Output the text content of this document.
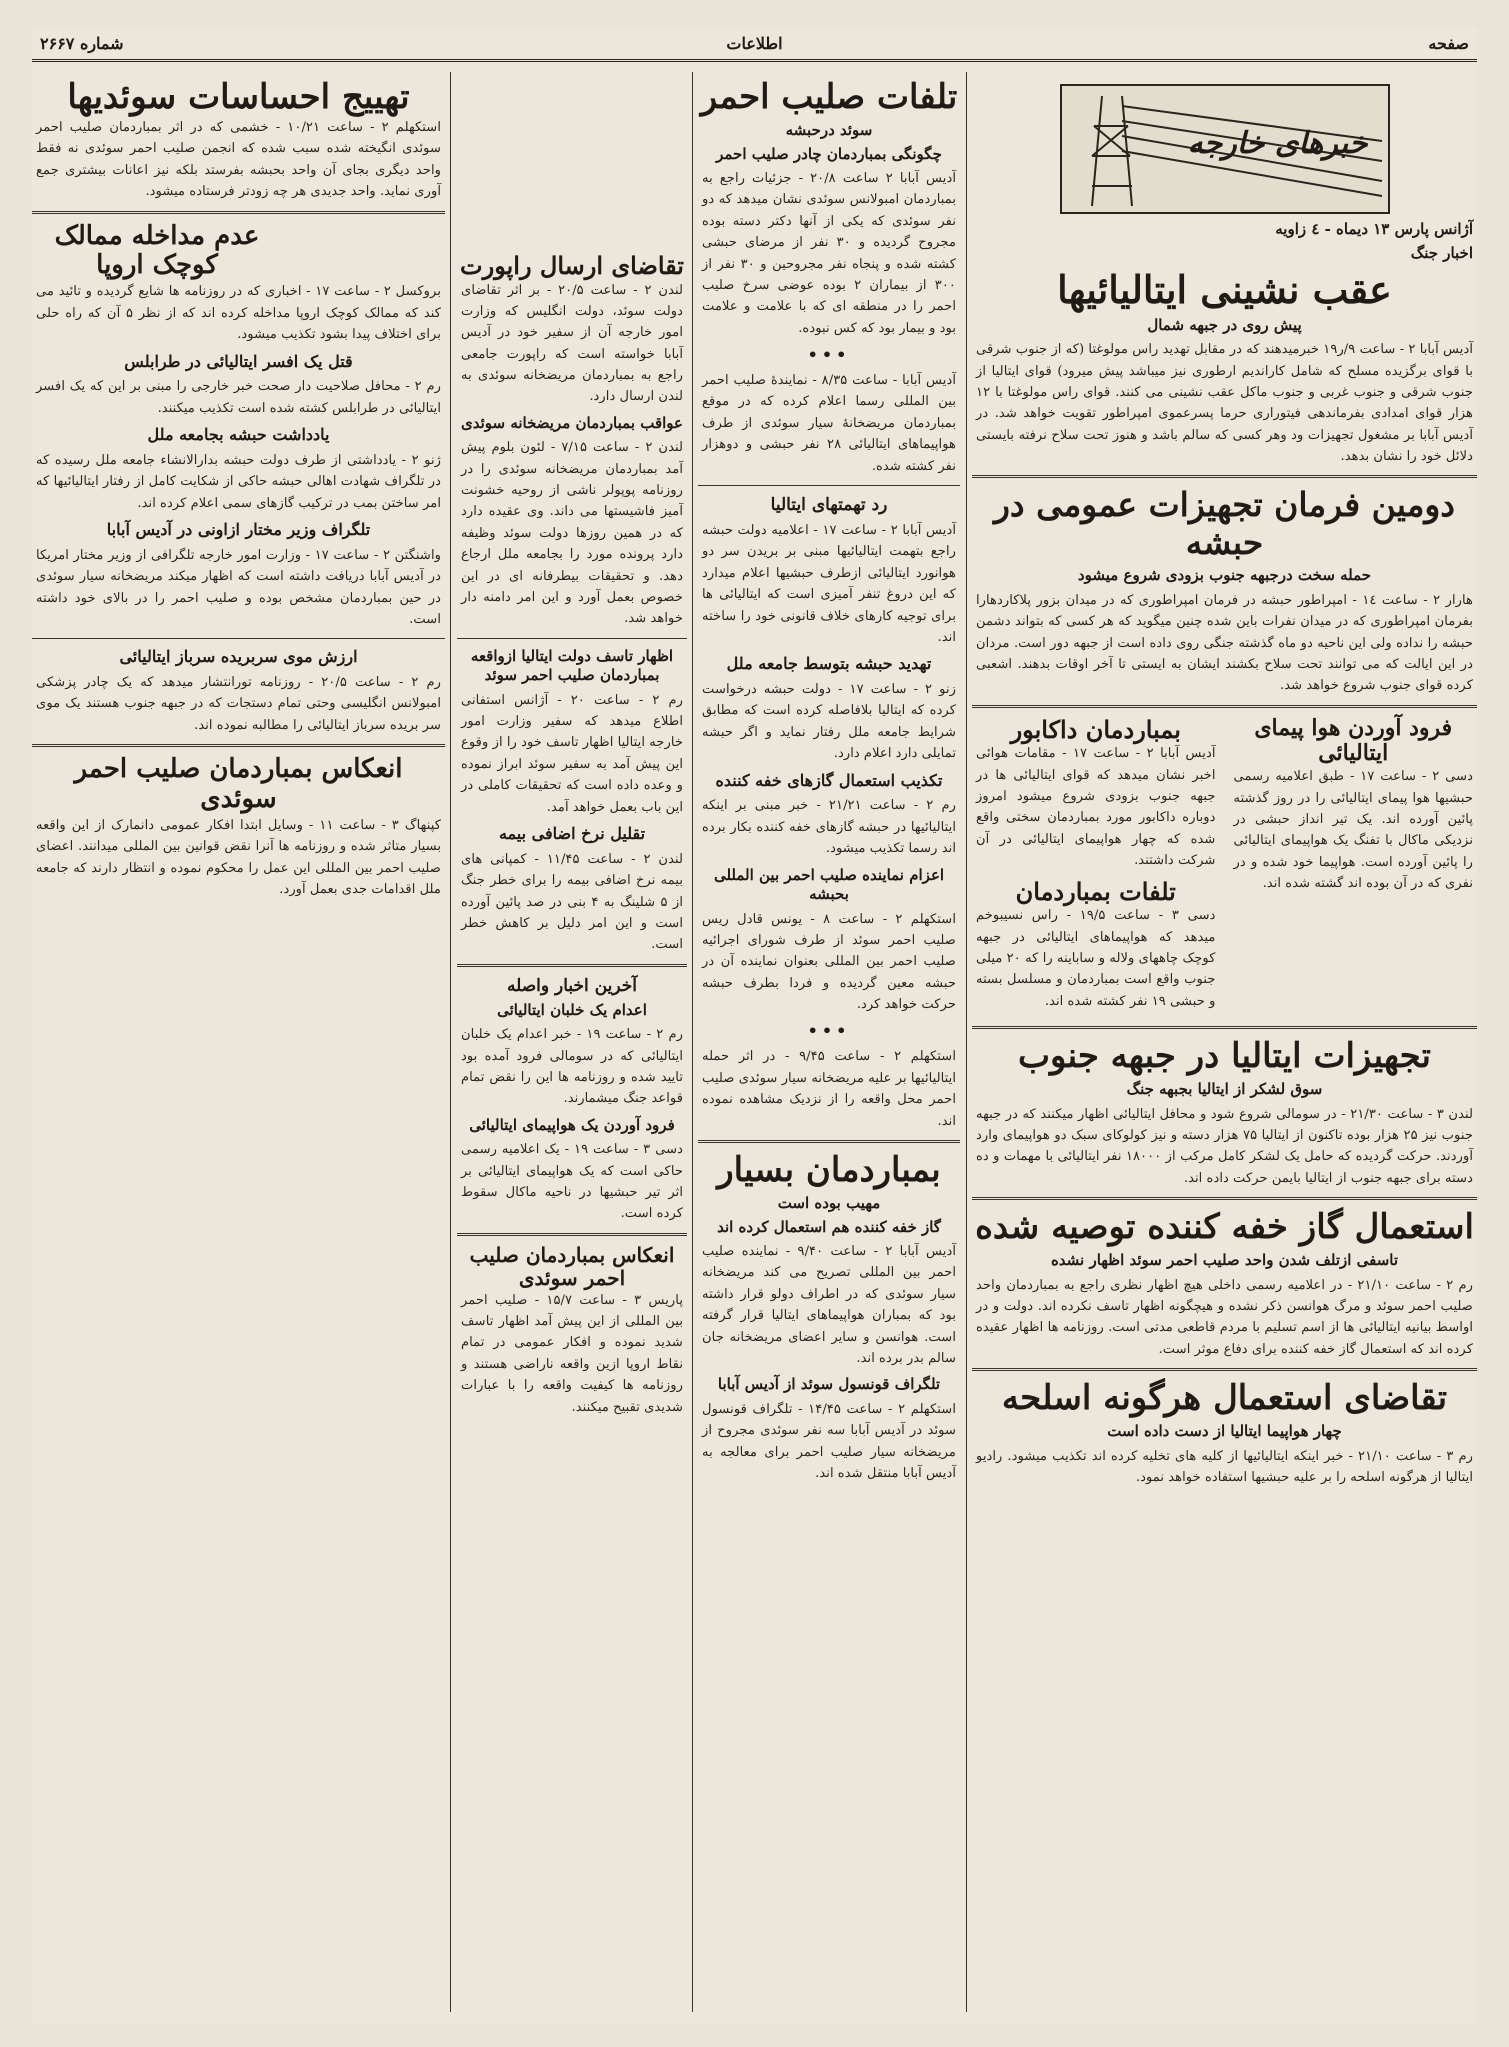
صفحه
اطلاعات
شماره ۲۶۶۷
خبرهای خارجه
آژانس پارس ۱۳ دیماه - ٤ زاویه
اخبار جنگ
عقب نشینی ایتالیائیها
پیش روی در جبهه شمال

آدیس آبابا ۲ - ساعت ۹/ر۱۹ خبرمیدهند که در مقابل تهدید راس مولوغتا (که از جنوب شرقی با قوای برگزیده مسلح که شامل کاراندیم ارطوری نیز میباشد پیش میرود) قوای ایتالیا از جنوب شرقی و جنوب غربی و جنوب ماکل عقب نشینی می کنند. قوای راس مولوغتا با ۱۲ هزار قوای امدادی بفرماندهی فیتوراری حرما پسرعموی امپراطور تقویت خواهد شد. در آدیس آبابا بر مشغول تجهیزات ود وهر کسی که سالم باشد و هنوز تحت سلاح نرفته بایستی دلائل خود را نشان بدهد.

دومین فرمان تجهیزات عمومی در حبشه
حمله سخت درجبهه جنوب بزودی شروع میشود

هارار ۲ - ساعت ۱٤ - امپراطور حبشه در فرمان امپراطوری که در میدان بزور پلاکاردهارا بفرمان امپراطوری که در میدان نفرات باین شده چنین میگوید که هر کسی که بتواند دشمن حبشه را نداده ولی این ناحیه دو ماه گذشته جنگی روی داده است از جبهه دور است. مردان در این ایالت که می توانند تحت سلاح بکشند ایشان به ایستی تا آخر اوقات بدهند. اشعبی کرده قوای جنوب شروع خواهد شد.

فرود آوردن هوا پیمای ایتالیائی

دسی ۲ - ساعت ۱۷ - طبق اعلامیه رسمی حبشیها هوا پیمای ایتالیائی را در روز گذشته پائین آورده اند. یک تیر انداز حبشی در نزدیکی ماکال با تفنگ یک هواپیمای ایتالیائی را پائین آورده است. هواپیما خود شده و در نفری که در آن بوده اند گشته شده اند.

بمباردمان داکابور

آدیس آبابا ۲ - ساعت ۱۷ - مقامات هوائی اخبر نشان میدهد که قوای ایتالیائی ها در جبهه جنوب بزودی شروع میشود امروز دوباره داکابور مورد بمباردمان سختی واقع شده که چهار هواپیمای ایتالیائی در آن شرکت داشتند.

تلفات بمباردمان

دسی ۳ - ساعت ۱۹/۵ - راس نسیبوخم میدهد که هواپیماهای ایتالیائی در جبهه کوچک چاههای ولاله و ساباینه را که ۲۰ میلی جنوب واقع است بمباردمان و مسلسل بسته و حبشی ۱۹ نفر کشته شده اند.

تجهیزات ایتالیا در جبهه جنوب
سوق لشکر از ایتالیا بجبهه جنگ

لندن ۳ - ساعت ۲۱/۳۰ - در سومالی شروع شود و محافل ایتالیائی اظهار میکنند که در جبهه جنوب نیز ۲۵ هزار بوده تاکنون از ایتالیا ۷۵ هزار دسته و نیز کولوکای سبک دو هواپیمای وارد آوردند. حرکت گردیده که حامل یک لشکر کامل مرکب از ۱۸۰۰۰ نفر ایتالیائی با مهمات و ده دسته برای جبهه جنوب از ایتالیا بایمن حرکت داده اند.

استعمال گاز خفه کننده توصیه شده
تاسفی ازتلف شدن واحد صلیب احمر سوئد اظهار نشده

رم ۲ - ساعت ۲۱/۱۰ - در اعلامیه رسمی داخلی هیچ اظهار نظری راجع به بمباردمان واحد صلیب احمر سوئد و مرگ هوانسن ذکر نشده و هیچگونه اظهار تاسف نکرده اند. دولت و در اواسط بیانیه ایتالیائی ها از اسم تسلیم با مردم قاطعی مدتی است. روزنامه ها اظهار عقیده کرده اند که استعمال گاز خفه کننده برای دفاع موثر است.

تقاضای استعمال هرگونه اسلحه
چهار هواپیما ایتالیا از دست داده است

رم ۳ - ساعت ۲۱/۱۰ - خبر اینکه ایتالیائیها از کلیه های تخلیه کرده اند تکذیب میشود. رادیو ایتالیا از هرگونه اسلحه را بر علیه حبشیها استفاده خواهد نمود.

تلفات صلیب احمر
سوئد درحبشه
چگونگی بمباردمان چادر صلیب احمر

آدیس آبابا ۲ ساعت ۲۰/۸ - جزئیات راجع به بمباردمان امبولانس سوئدی نشان میدهد که دو نفر سوئدی که یکی از آنها دکتر دسته بوده مجروح گردیده و ۳۰ نفر از مرضای حبشی کشته شده و پنجاه نفر مجروحین و ۳۰ نفر از ۳۰۰ از بیماران ۲ بوده عوضی سرخ صلیب احمر را در منطقه ای که با علامت و علامت بود و بیمار بود که کس نبوده.

•••

آدیس آبابا - ساعت ۸/۳۵ - نمایندهٔ صلیب احمر بین المللی رسما اعلام کرده که در موقع بمباردمان مریضخانهٔ سیار سوئدی از طرف هواپیماهای ایتالیائی ۲۸ نفر حبشی و دوهزار نفر کشته شده.

رد تهمتهای ایتالیا

آدیس آبابا ۲ - ساعت ۱۷ - اعلامیه دولت حبشه راجع بتهمت ایتالیائیها مبنی بر بریدن سر دو هوانورد ایتالیائی ازطرف حبشیها اعلام میدارد که این دروغ تنفر آمیزی است که ایتالیائی ها برای توجیه کارهای خلاف قانونی خود را ساخته اند.

تهدید حبشه بتوسط جامعه ملل

زنو ۲ - ساعت ۱۷ - دولت حبشه درخواست کرده که ایتالیا بلافاصله کرده است که مطابق شرایط جامعه ملل رفتار نماید و اگر حبشه تمایلی دارد اعلام دارد.

تکذیب استعمال گازهای خفه کننده

رم ۲ - ساعت ۲۱/۲۱ - خبر مبنی بر اینکه ایتالیائیها در حبشه گازهای خفه کننده بکار برده اند رسما تکذیب میشود.

اعزام نماینده صلیب احمر بین المللی بحبشه

استکهلم ۲ - ساعت ۸ - یونس قادل ریس صلیب احمر سوئد از طرف شورای اجرائیه صلیب احمر بین المللی بعنوان نماینده آن در حبشه معین گردیده و فردا بطرف حبشه حرکت خواهد کرد.

•••

استکهلم ۲ - ساعت ۹/۴۵ - در اثر حمله ایتالیائیها بر علیه مریضخانه سیار سوئدی صلیب احمر محل واقعه را از نزدیک مشاهده نموده اند.

بمباردمان بسیار
مهیب بوده است
گاز خفه کننده هم استعمال کرده اند

آدیس آبابا ۲ - ساعت ۹/۴۰ - نماینده صلیب احمر بین المللی تصریح می کند مریضخانه سیار سوئدی که در اطراف دولو قرار داشته بود که بمباران هواپیماهای ایتالیا قرار گرفته است. هوانسن و سایر اعضای مریضخانه جان سالم بدر برده اند.

تلگراف قونسول سوئد از آدیس آبابا

استکهلم ۲ - ساعت ۱۴/۴۵ - تلگراف قونسول سوئد در آدیس آبابا سه نفر سوئدی مجروح از مریضخانه سیار صلیب احمر برای معالجه به آدیس آبابا منتقل شده اند.

تقاضای ارسال راپورت

لندن ۲ - ساعت ۲۰/۵ - بر اثر تقاضای دولت سوئد، دولت انگلیس که وزارت امور خارجه آن از سفیر خود در آدیس آبابا خواسته است که راپورت جامعی راجع به بمباردمان مریضخانه سوئدی به لندن ارسال دارد.

عواقب بمباردمان مریضخانه سوئدی

لندن ۲ - ساعت ۷/۱۵ - لئون بلوم پیش آمد بمباردمان مریضخانه سوئدی را در روزنامه پوپولر ناشی از روحیه خشونت آمیز فاشیستها می داند. وی عقیده دارد که در همین روزها دولت سوئد وظیفه دارد پرونده مورد را بجامعه ملل ارجاع دهد. و تحقیقات بیطرفانه ای در این خصوص بعمل آورد و این امر دامنه دار خواهد شد.

اظهار تاسف دولت ایتالیا ازواقعه بمباردمان صلیب احمر سوئد

رم ۲ - ساعت ۲۰ - آژانس استفانی اطلاع میدهد که سفیر وزارت امور خارجه ایتالیا اظهار تاسف خود را از وقوع این پیش آمد به سفیر سوئد ابراز نموده و وعده داده است که تحقیقات کاملی در این باب بعمل خواهد آمد.

تقلیل نرخ اضافی بیمه

لندن ۲ - ساعت ۱۱/۴۵ - کمپانی های بیمه نرخ اضافی بیمه را برای خطر جنگ از ۵ شلینگ به ۴ بنی در صد پائین آورده است و این امر دلیل بر کاهش خطر است.

آخرین اخبار واصله
اعدام یک خلبان ایتالیائی

رم ۲ - ساعت ۱۹ - خبر اعدام یک خلبان ایتالیائی که در سومالی فرود آمده بود تایید شده و روزنامه ها این را نقض تمام قواعد جنگ میشمارند.

فرود آوردن یک هواپیمای ایتالیائی

دسی ۳ - ساعت ۱۹ - یک اعلامیه رسمی حاکی است که یک هواپیمای ایتالیائی بر اثر تیر حبشیها در ناحیه ماکال سقوط کرده است.

انعکاس بمباردمان صلیب احمر سوئدی

پاریس ۳ - ساعت ۱۵/۷ - صلیب احمر بین المللی از این پیش آمد اظهار تاسف شدید نموده و افکار عمومی در تمام نقاط اروپا ازین واقعه ناراضی هستند و روزنامه ها کیفیت واقعه را با عبارات شدیدی تقبیح میکنند.

تهییج احساسات سوئدیها

استکهلم ۲ - ساعت ۱۰/۲۱ - خشمی که در اثر بمباردمان صلیب احمر سوئدی انگیخته شده سبب شده که انجمن صلیب احمر سوئدی نه فقط واحد دیگری بجای آن واحد بحبشه بفرستد بلکه نیز اعانات بیشتری جمع آوری نماید. واحد جدیدی هر چه زودتر فرستاده میشود.

عدم مداخله ممالک کوچک اروپا

بروکسل ۲ - ساعت ۱۷ - اخباری که در روزنامه ها شایع گردیده و تائید می کند که ممالک کوچک اروپا مداخله کرده اند که از نظر ۵ آن که راه حلی برای اختلاف پیدا بشود تکذیب میشود.

قتل یک افسر ایتالیائی در طرابلس

رم ۲ - محافل صلاحیت دار صحت خبر خارجی را مبنی بر این که یک افسر ایتالیائی در طرابلس کشته شده است تکذیب میکنند.

یادداشت حبشه بجامعه ملل

ژنو ۲ - یادداشتی از طرف دولت حبشه بدارالانشاء جامعه ملل رسیده که در تلگراف شهادت اهالی حبشه حاکی از شکایت کامل از رفتار ایتالیائیها که امر ساختن بمب در ترکیب گازهای سمی اعلام کرده اند.

تلگراف وزیر مختار ازاونی در آدیس آبابا

واشنگتن ۲ - ساعت ۱۷ - وزارت امور خارجه تلگرافی از وزیر مختار امریکا در آدیس آبابا دریافت داشته است که اظهار میکند مریضخانه سیار سوئدی در حین بمباردمان مشخص بوده و صلیب احمر را در بالای خود داشته است.

ارزش موی سربریده سرباز ایتالیائی

رم ۲ - ساعت ۲۰/۵ - روزنامه تورانتشار میدهد که یک چادر پزشکی امبولانس انگلیسی وحتی تمام دستجات که در جبهه جنوب هستند یک موی سر بریده سرباز ایتالیائی را مطالبه نموده اند.

انعکاس بمباردمان صلیب احمر سوئدی

کپنهاگ ۳ - ساعت ۱۱ - وسایل ابتدا افکار عمومی دانمارک از این واقعه بسیار متاثر شده و روزنامه ها آنرا نقض قوانین بین المللی میدانند. اعضای صلیب احمر بین المللی این عمل را محکوم نموده و انتظار دارند که جامعه ملل اقدامات جدی بعمل آورد.
